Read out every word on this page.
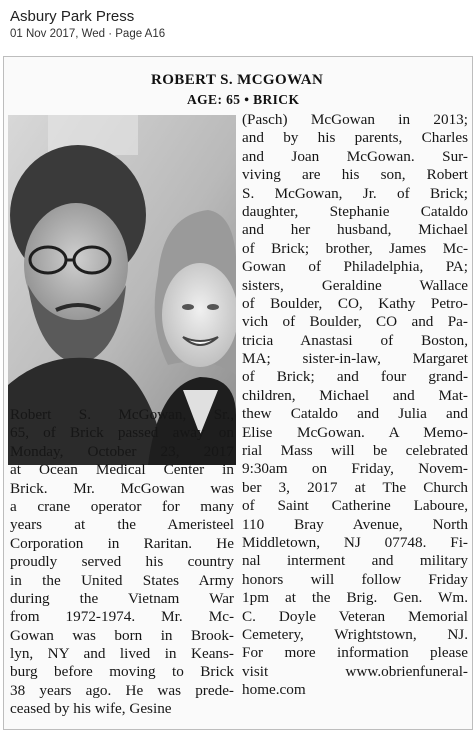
Asbury Park Press
01 Nov 2017, Wed · Page A16
ROBERT S. MCGOWAN
AGE: 65 • BRICK
Robert S. McGowan, Sr.,
65, of Brick passed away on
Monday, October 23, 2017
at Ocean Medical Center in
Brick. Mr. McGowan was
a crane operator for many
years at the Ameristeel
Corporation in Raritan. He
proudly served his country
in the United States Army
during the Vietnam War
from 1972-1974. Mr. Mc-
Gowan was born in Brook-
lyn, NY and lived in Keans-
burg before moving to Brick
38 years ago. He was prede-
ceased by his wife, Gesine
(Pasch) McGowan in 2013;
and by his parents, Charles
and Joan McGowan. Sur-
viving are his son, Robert
S. McGowan, Jr. of Brick;
daughter, Stephanie Cataldo
and her husband, Michael
of Brick; brother, James Mc-
Gowan of Philadelphia, PA;
sisters, Geraldine Wallace
of Boulder, CO, Kathy Petro-
vich of Boulder, CO and Pa-
tricia Anastasi of Boston,
MA; sister-in-law, Margaret
of Brick; and four grand-
children, Michael and Mat-
thew Cataldo and Julia and
Elise McGowan. A Memo-
rial Mass will be celebrated
9:30am on Friday, Novem-
ber 3, 2017 at The Church
of Saint Catherine Laboure,
110 Bray Avenue, North
Middletown, NJ 07748. Fi-
nal interment and military
honors will follow Friday
1pm at the Brig. Gen. Wm.
C. Doyle Veteran Memorial
Cemetery, Wrightstown, NJ.
For more information please
visit www.obrienfuneral-
home.com
